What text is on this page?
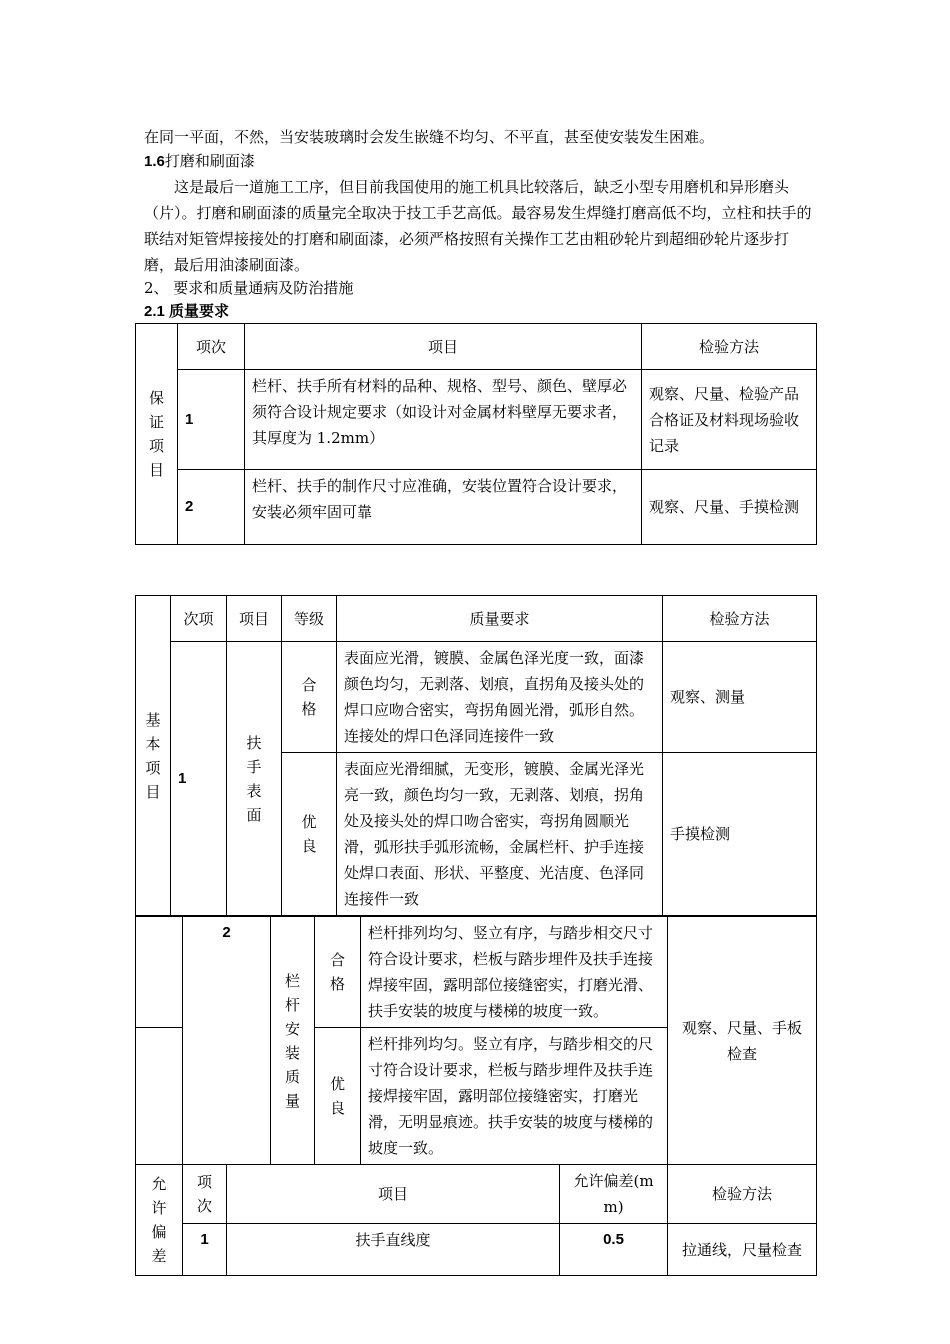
在同一平面，不然，当安装玻璃时会发生嵌缝不均匀、不平直，甚至使安装发生困难。
1.6打磨和刷面漆
这是最后一道施工工序，但目前我国使用的施工机具比较落后，缺乏小型专用磨机和异形磨头（片）。打磨和刷面漆的质量完全取决于技工手艺高低。最容易发生焊缝打磨高低不均，立柱和扶手的联结对矩管焊接接处的打磨和刷面漆，必须严格按照有关操作工艺由粗砂轮片到超细砂轮片逐步打磨，最后用油漆刷面漆。
2、 要求和质量通病及防治措施
2.1 质量要求
保证项目	项次	项目	检验方法
	1	栏杆、扶手所有材料的品种、规格、型号、颜色、壁厚必须符合设计规定要求（如设计对金属材料壁厚无要求者，其厚度为 1.2mm）	观察、尺量、检验产品合格证及材料现场验收记录
	2	栏杆、扶手的制作尺寸应准确，安装位置符合设计要求，安装必须牢固可靠	观察、尺量、手摸检测
基本项目	次项	项目	等级	质量要求	检验方法
	1	扶手表面	合格	表面应光滑，镀膜、金属色泽光度一致，面漆颜色均匀，无剥落、划痕，直拐角及接头处的焊口应吻合密实，弯拐角圆光滑，弧形自然。连接处的焊口色泽同连接件一致	观察、测量

			优良	表面应光滑细腻，无变形，镀膜、金属光泽光亮一致，颜色均匀一致，无剥落、划痕，拐角处及接头处的焊口吻合密实，弯拐角圆顺光滑，弧形扶手弧形流畅，金属栏杆、护手连接处焊口表面、形状、平整度、光洁度、色泽同连接件一致	手摸检测
	2		栏杆安装质量	合格	栏杆排列均匀、竖立有序，与踏步相交尺寸符合设计要求，栏板与踏步埋件及扶手连接焊接牢固，露明部位接缝密实，打磨光滑、扶手安装的坡度与楼梯的坡度一致。		观察、尺量、手板检查

				优良	栏杆排列均匀。竖立有序，与踏步相交的尺寸符合设计要求，栏板与踏步埋件及扶手连接焊接牢固，露明部位接缝密实，打磨光滑，无明显痕迹。扶手安装的坡度与楼梯的坡度一致。		

允许偏差	项次	项目				允许偏差(mm)	检验方法
	1	扶手直线度				0.5	拉通线，尺量检查
